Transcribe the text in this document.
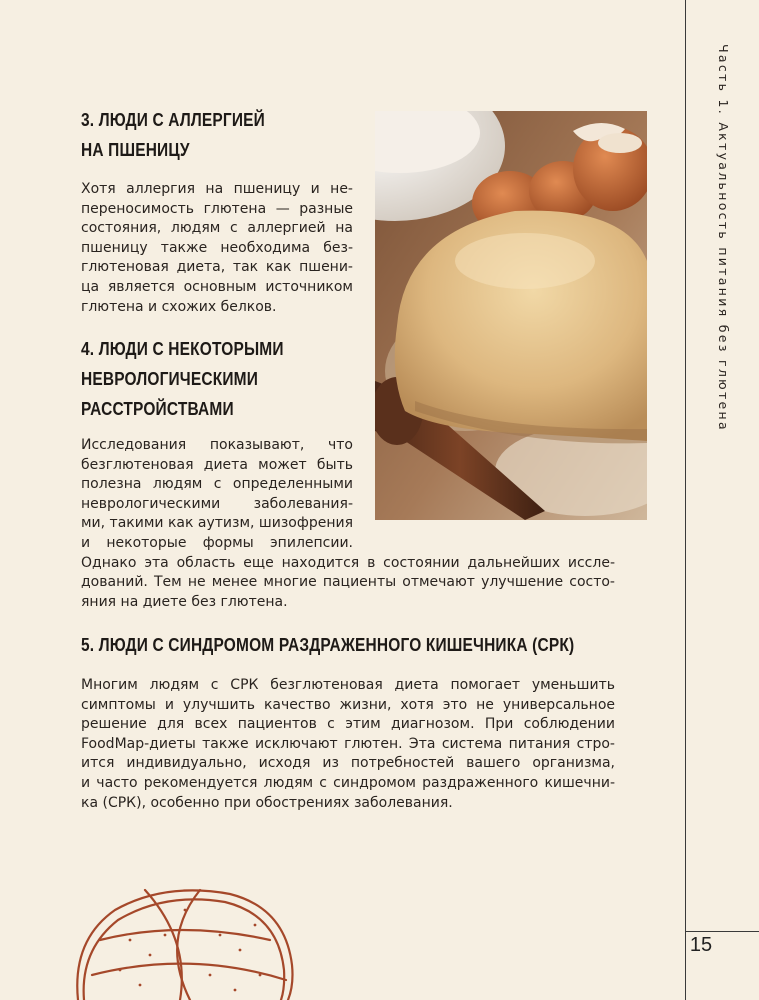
Часть 1. Актуальность питания без глютена
15
3. ЛЮДИ С АЛЛЕРГИЕЙ
НА ПШЕНИЦУ
Хотя аллергия на пшеницу и не-
переносимость глютена — разные
состояния, людям с аллергией на
пшеницу также необходима без-
глютеновая диета, так как пшени-
ца является основным источником
глютена и схожих белков.
4. ЛЮДИ С НЕКОТОРЫМИ
НЕВРОЛОГИЧЕСКИМИ
РАССТРОЙСТВАМИ
Исследования показывают, что
безглютеновая диета может быть
полезна людям с определенными
неврологическими заболевания-
ми, такими как аутизм, шизофрения
и некоторые формы эпилепсии.
Однако эта область еще находится в состоянии дальнейших иссле-
дований. Тем не менее многие пациенты отмечают улучшение состо-
яния на диете без глютена.
5. ЛЮДИ С СИНДРОМОМ РАЗДРАЖЕННОГО КИШЕЧНИКА (СРК)
Многим людям с СРК безглютеновая диета помогает уменьшить
симптомы и улучшить качество жизни, хотя это не универсальное
решение для всех пациентов с этим диагнозом. При соблюдении
FoodMap-диеты также исключают глютен. Эта система питания стро-
ится индивидуально, исходя из потребностей вашего организма,
и часто рекомендуется людям с синдромом раздраженного кишечни-
ка (СРК), особенно при обострениях заболевания.
